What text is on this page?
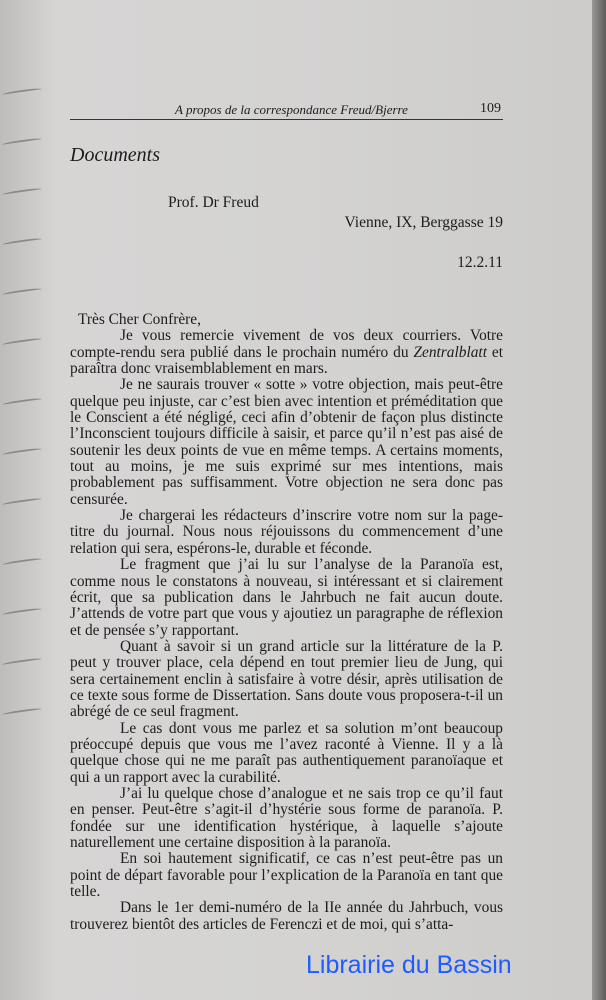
A propos de la correspondance Freud/Bjerre	109
Documents
Prof. Dr Freud
Vienne, IX, Berggasse 19
12.2.11

Très Cher Confrère,

Je vous remercie vivement de vos deux courriers. Votre compte-rendu sera publié dans le prochain numéro du Zentralblatt et paraîtra donc vraisemblablement en mars.

Je ne saurais trouver « sotte » votre objection, mais peut-être quelque peu injuste, car c’est bien avec intention et préméditation que le Conscient a été négligé, ceci afin d’obtenir de façon plus distincte l’Inconscient toujours difficile à saisir, et parce qu’il n’est pas aisé de soutenir les deux points de vue en même temps. A certains moments, tout au moins, je me suis exprimé sur mes intentions, mais probablement pas suffisamment. Votre objection ne sera donc pas censurée.

Je chargerai les rédacteurs d’inscrire votre nom sur la page-titre du journal. Nous nous réjouissons du commencement d’une relation qui sera, espérons-le, durable et féconde.

Le fragment que j’ai lu sur l’analyse de la Paranoïa est, comme nous le constatons à nouveau, si intéressant et si clairement écrit, que sa publication dans le Jahrbuch ne fait aucun doute. J’attends de votre part que vous y ajoutiez un paragraphe de réflexion et de pensée s’y rapportant.

Quant à savoir si un grand article sur la littérature de la P. peut y trouver place, cela dépend en tout premier lieu de Jung, qui sera certainement enclin à satisfaire à votre désir, après utilisation de ce texte sous forme de Dissertation. Sans doute vous proposera-t-il un abrégé de ce seul fragment.

Le cas dont vous me parlez et sa solution m’ont beaucoup préoccupé depuis que vous me l’avez raconté à Vienne. Il y a là quelque chose qui ne me paraît pas authentiquement paranoïaque et qui a un rapport avec la curabilité.

J’ai lu quelque chose d’analogue et ne sais trop ce qu’il faut en penser. Peut-être s’agit-il d’hystérie sous forme de paranoïa. P. fondée sur une identification hystérique, à laquelle s’ajoute naturellement une certaine disposition à la paranoïa.

En soi hautement significatif, ce cas n’est peut-être pas un point de départ favorable pour l’explication de la Paranoïa en tant que telle.

Dans le 1er demi-numéro de la IIe année du Jahrbuch, vous trouverez bientôt des articles de Ferenczi et de moi, qui s’atta-

Librairie du Bassin
